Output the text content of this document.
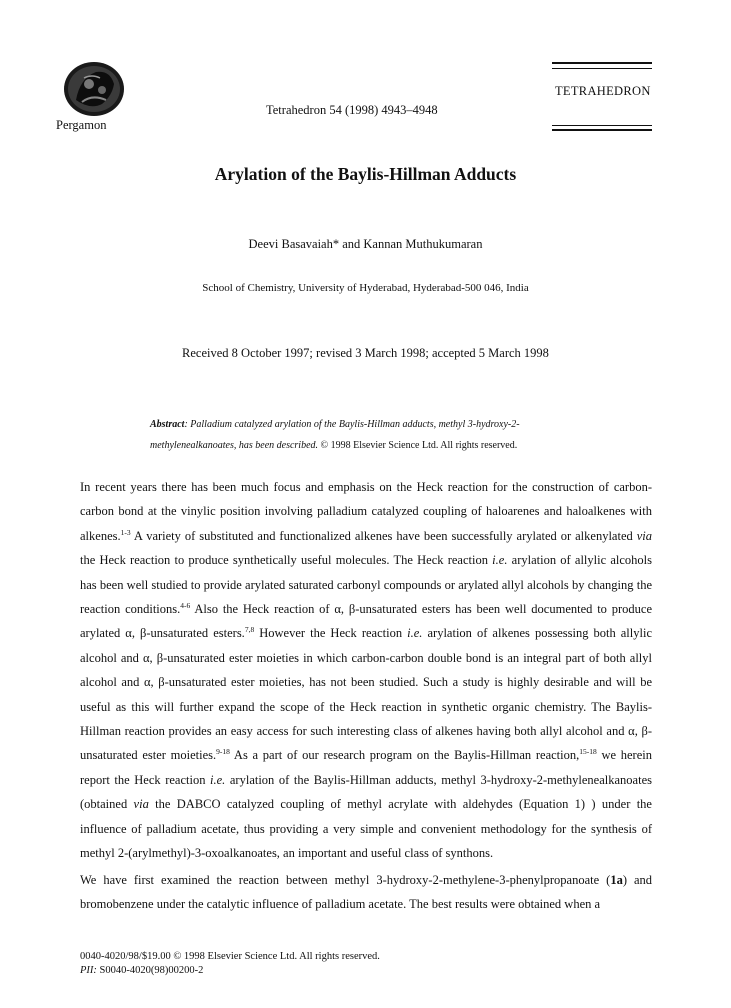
Pergamon
Tetrahedron 54 (1998) 4943–4948
TETRAHEDRON
Arylation of the Baylis-Hillman Adducts
Deevi Basavaiah* and Kannan Muthukumaran
School of Chemistry, University of Hyderabad, Hyderabad-500 046, India
Received 8 October 1997; revised 3 March 1998; accepted 5 March 1998
Abstract: Palladium catalyzed arylation of the Baylis-Hillman adducts, methyl 3-hydroxy-2-methylenealkanoates, has been described. © 1998 Elsevier Science Ltd. All rights reserved.
In recent years there has been much focus and emphasis on the Heck reaction for the construction of carbon-carbon bond at the vinylic position involving palladium catalyzed coupling of haloarenes and haloalkenes with alkenes.$^{1-3}$ A variety of substituted and functionalized alkenes have been successfully arylated or alkenylated via the Heck reaction to produce synthetically useful molecules. The Heck reaction i.e. arylation of allylic alcohols has been well studied to provide arylated saturated carbonyl compounds or arylated allyl alcohols by changing the reaction conditions.$^{4-6}$ Also the Heck reaction of α, β-unsaturated esters has been well documented to produce arylated α, β-unsaturated esters.$^{7,8}$ However the Heck reaction i.e. arylation of alkenes possessing both allylic alcohol and α, β-unsaturated ester moieties in which carbon-carbon double bond is an integral part of both allyl alcohol and α, β-unsaturated ester moieties, has not been studied. Such a study is highly desirable and will be useful as this will further expand the scope of the Heck reaction in synthetic organic chemistry. The Baylis-Hillman reaction provides an easy access for such interesting class of alkenes having both allyl alcohol and α, β-unsaturated ester moieties.$^{9-18}$ As a part of our research program on the Baylis-Hillman reaction,$^{15-18}$ we herein report the Heck reaction i.e. arylation of the Baylis-Hillman adducts, methyl 3-hydroxy-2-methylenealkanoates (obtained via the DABCO catalyzed coupling of methyl acrylate with aldehydes (Equation 1) ) under the influence of palladium acetate, thus providing a very simple and convenient methodology for the synthesis of methyl 2-(arylmethyl)-3-oxoalkanoates, an important and useful class of synthons.
We have first examined the reaction between methyl 3-hydroxy-2-methylene-3-phenylpropanoate (1a) and bromobenzene under the catalytic influence of palladium acetate. The best results were obtained when a
0040-4020/98/$19.00 © 1998 Elsevier Science Ltd. All rights reserved.
PII: S0040-4020(98)00200-2
